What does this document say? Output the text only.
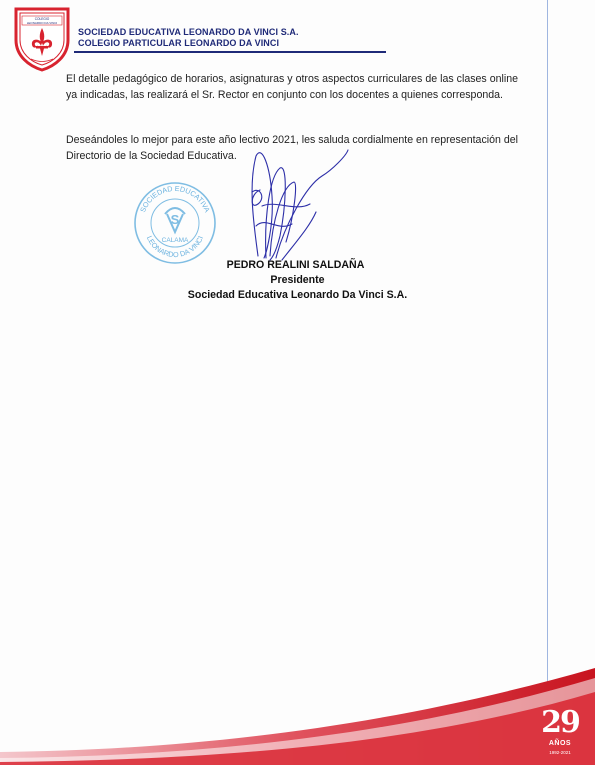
COLEGIO
LEONARDO DA VINCI
SOCIEDAD EDUCATIVA LEONARDO DA VINCI S.A.
COLEGIO PARTICULAR LEONARDO DA VINCI
El detalle pedagógico de horarios, asignaturas y otros aspectos curriculares de las clases online ya indicadas, las realizará el Sr. Rector en conjunto con los docentes a quienes corresponda.
Deseándoles lo mejor para este año lectivo 2021, les saluda cordialmente en representación del Directorio de la Sociedad Educativa.
SOCIEDAD EDUCATIVA
LEONARDO DA VINCI
S
CALAMA
PEDRO REALINI SALDAÑA
Presidente
Sociedad Educativa Leonardo Da Vinci S.A.
29
AÑOS
1992-2021
